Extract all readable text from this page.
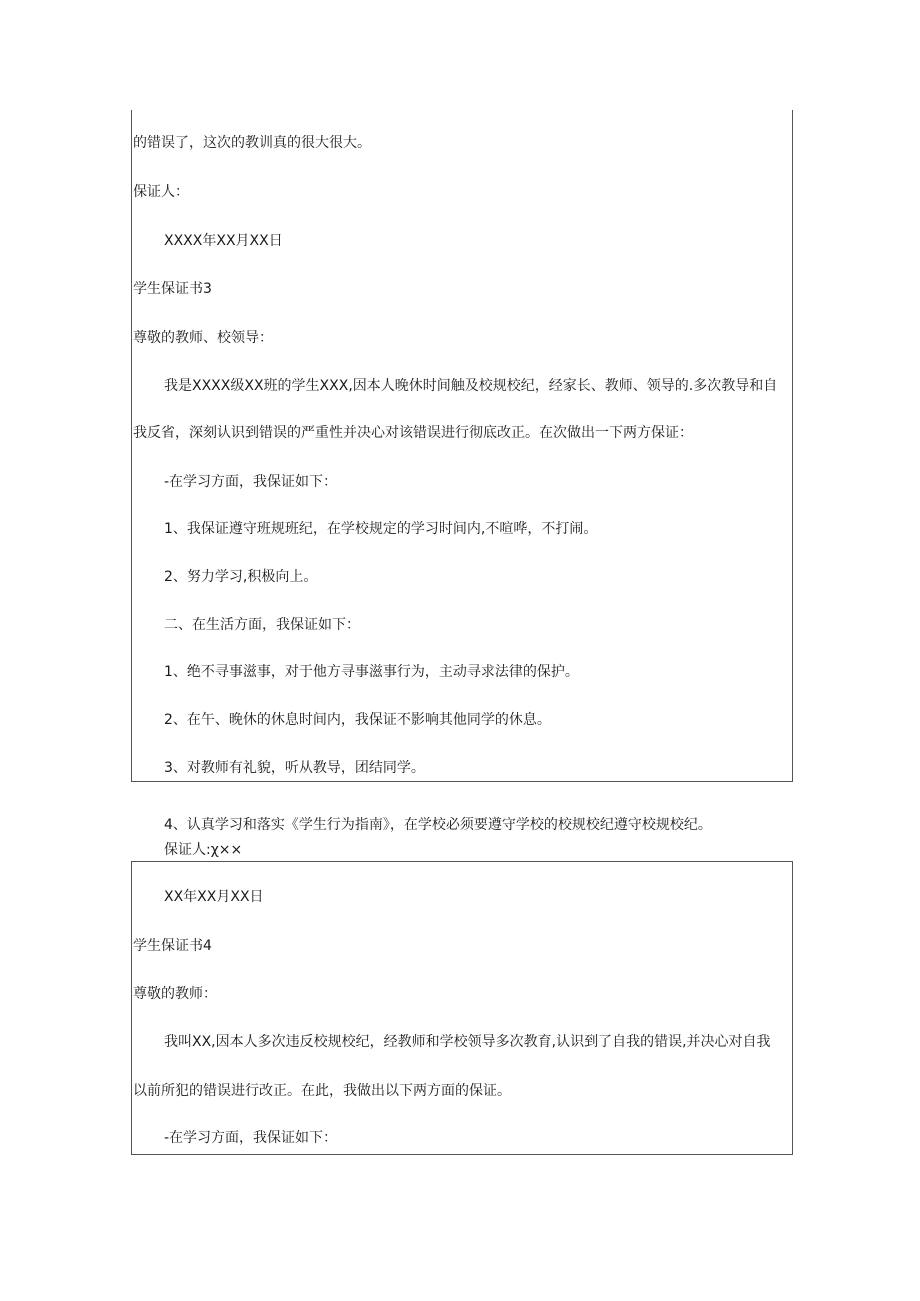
的错误了，这次的教训真的很大很大。
保证人：
XXXX年XX月XX日
学生保证书3
尊敬的教师、校领导：
我是XXXX级XX班的学生XXX,因本人晚休时间触及校规校纪，经家长、教师、领导的.多次教导和自
我反省，深刻认识到错误的严重性并决心对该错误进行彻底改正。在次做出一下两方保证：
-在学习方面，我保证如下：
1、我保证遵守班规班纪，在学校规定的学习时间内,不喧哗，不打闹。
2、努力学习,积极向上。
二、在生活方面，我保证如下：
1、绝不寻事滋事，对于他方寻事滋事行为，主动寻求法律的保护。
2、在午、晚休的休息时间内，我保证不影响其他同学的休息。
3、对教师有礼貌，听从教导，团结同学。
4、认真学习和落实《学生行为指南》，在学校必须要遵守学校的校规校纪遵守校规校纪。
保证人:χ××
XX年XX月XX日
学生保证书4
尊敬的教师：
我叫XX,因本人多次违反校规校纪，经教师和学校领导多次教育,认识到了自我的错误,并决心对自我
以前所犯的错误进行改正。在此，我做出以下两方面的保证。
-在学习方面，我保证如下：
